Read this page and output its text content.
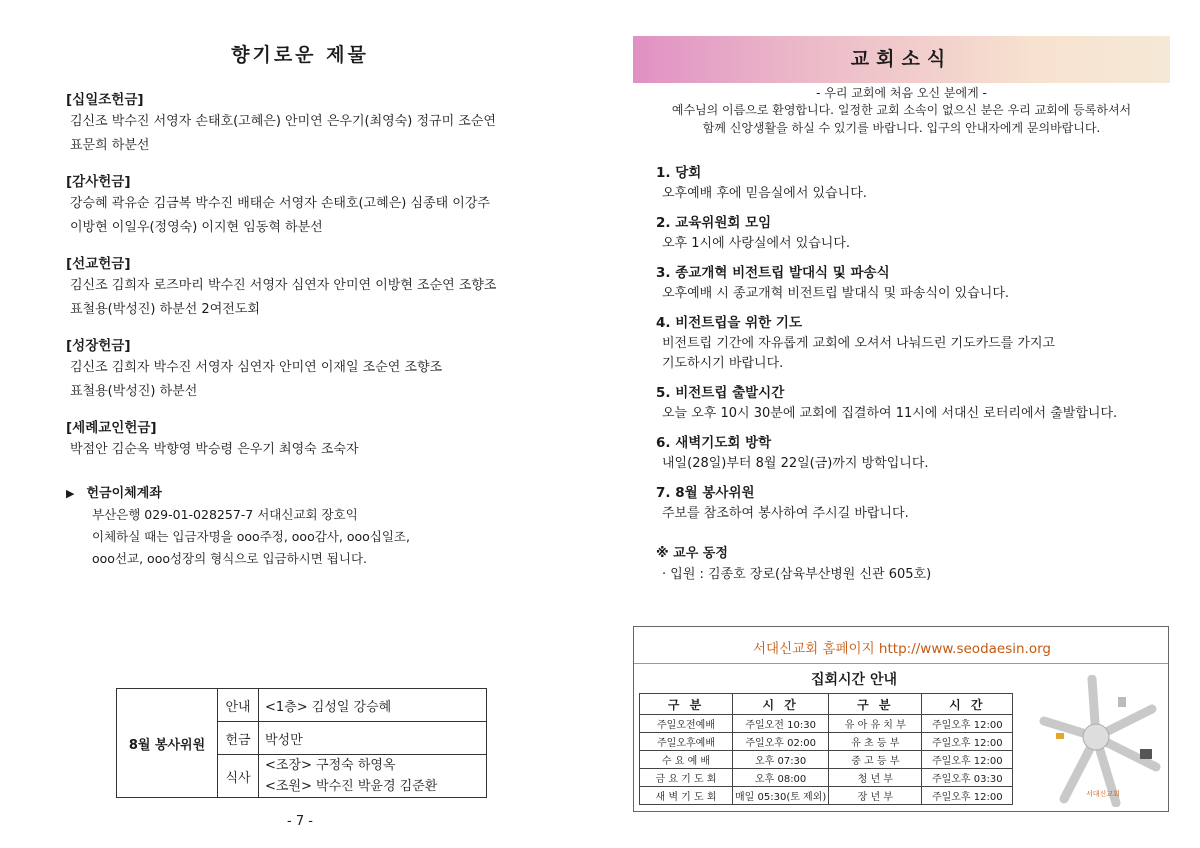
향기로운 제물
[십일조헌금]
김신조 박수진 서영자 손태호(고혜은) 안미연 은우기(최영숙) 정규미 조순연
표문희 하분선
[감사헌금]
강승혜 곽유순 김금복 박수진 배태순 서영자 손태호(고혜은) 심종태 이강주
이방현 이일우(정영숙) 이지현 임동혁 하분선
[선교헌금]
김신조 김희자 로즈마리 박수진 서영자 심연자 안미연 이방현 조순연 조향조
표철용(박성진) 하분선 2여전도회
[성장헌금]
김신조 김희자 박수진 서영자 심연자 안미연 이재일 조순연 조향조
표철용(박성진) 하분선
[세례교인헌금]
박점안 김순옥 박향영 박승령 은우기 최영숙 조숙자
▶ 헌금이체계좌
부산은행 029-01-028257-7 서대신교회 장호익
이체하실 때는 입금자명을 ooo주정, ooo감사, ooo십일조,
ooo선교, ooo성장의 형식으로 입금하시면 됩니다.
8월 봉사위원	안내	<1층> 김성일 강승혜
	헌금	박성만
	식사	<조장> 구정숙 하영옥
<조원> 박수진 박윤경 김준환
- 7 -
교회소식
- 우리 교회에 처음 오신 분에게 -
예수님의 이름으로 환영합니다. 일정한 교회 소속이 없으신 분은 우리 교회에 등록하셔서
함께 신앙생활을 하실 수 있기를 바랍니다. 입구의 안내자에게 문의바랍니다.
1. 당회
오후예배 후에 믿음실에서 있습니다.
2. 교육위원회 모임
오후 1시에 사랑실에서 있습니다.
3. 종교개혁 비전트립 발대식 및 파송식
오후예배 시 종교개혁 비전트립 발대식 및 파송식이 있습니다.
4. 비전트립을 위한 기도
비전트립 기간에 자유롭게 교회에 오셔서 나눠드린 기도카드를 가지고
기도하시기 바랍니다.
5. 비전트립 출발시간
오늘 오후 10시 30분에 교회에 집결하여 11시에 서대신 로터리에서 출발합니다.
6. 새벽기도회 방학
내일(28일)부터 8월 22일(금)까지 방학입니다.
7. 8월 봉사위원
주보를 참조하여 봉사하여 주시길 바랍니다.
※ 교우 동정
· 입원 : 김종호 장로(삼육부산병원 신관 605호)
서대신교회 홈페이지 http://www.seodaesin.org
집회시간 안내
구 분	시 간	구 분	시 간
주일오전예배	주일오전 10:30	유 아 유 치 부	주일오후 12:00
주일오후예배	주일오후 02:00	유 초 등 부	주일오후 12:00
수 요 예 배	오후 07:30	중 고 등 부	주일오후 12:00
금 요 기 도 회	오후 08:00	청 년 부	주일오후 03:30
새 벽 기 도 회	매일 05:30(토 제외)	장 년 부	주일오후 12:00	서대신교회
